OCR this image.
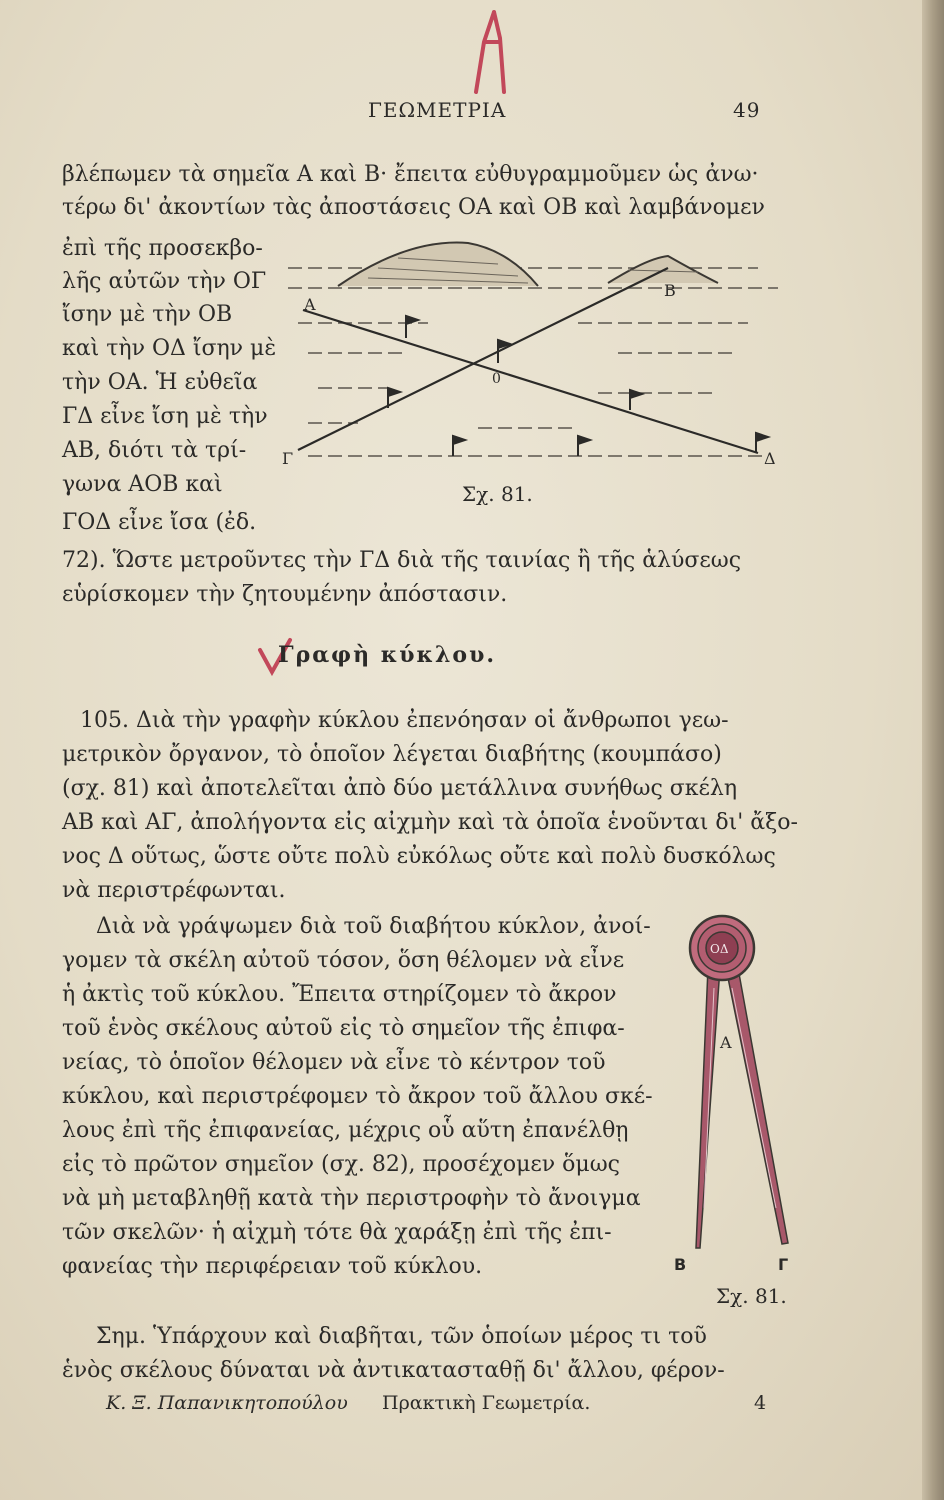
ΓΕΩΜΕΤΡΙΑ	49
βλέπωμεν τὰ σημεῖα Α καὶ Β· ἔπειτα εὐθυγραμμοῦμεν ὡς ἀνω·
τέρω δι' ἀκοντίων τὰς ἀποστάσεις ΟΑ καὶ ΟΒ καὶ λαμβάνομεν
ἐπὶ τῆς προσεκβο-
λῆς αὐτῶν τὴν ΟΓ
ἴσην μὲ τὴν ΟΒ
καὶ τὴν ΟΔ ἴσην μὲ
τὴν ΟΑ. Ἡ εὐθεῖα
ΓΔ εἶνε ἴση μὲ τὴν
ΑΒ, διότι τὰ τρί-
γωνα ΑΟΒ καὶ
ΓΟΔ εἶνε ἴσα (ἐδ.
Α
Β
0
Γ	Δ
Σχ. 81.
72). Ὥστε μετροῦντες τὴν ΓΔ διὰ τῆς ταινίας ἢ τῆς ἁλύσεως
εὑρίσκομεν τὴν ζητουμένην ἀπόστασιν.
Γραφὴ κύκλου.
105. Διὰ τὴν γραφὴν κύκλου ἐπενόησαν οἱ ἄνθρωποι γεω-
μετρικὸν ὄργανον, τὸ ὁποῖον λέγεται διαβήτης (κουμπάσο)
(σχ. 81) καὶ ἀποτελεῖται ἀπὸ δύο μετάλλινα συνήθως σκέλη
ΑΒ καὶ ΑΓ, ἀπολήγοντα εἰς αἰχμὴν καὶ τὰ ὁποῖα ἑνοῦνται δι' ἄξο-
νος Δ οὕτως, ὥστε οὔτε πολὺ εὐκόλως οὔτε καὶ πολὺ δυσκόλως
νὰ περιστρέφωνται.
Διὰ νὰ γράψωμεν διὰ τοῦ διαβήτου κύκλον, ἀνοί-
γομεν τὰ σκέλη αὐτοῦ τόσον, ὅση θέλομεν νὰ εἶνε
ἡ ἀκτὶς τοῦ κύκλου. Ἔπειτα στηρίζομεν τὸ ἄκρον
τοῦ ἑνὸς σκέλους αὐτοῦ εἰς τὸ σημεῖον τῆς ἐπιφα-
νείας, τὸ ὁποῖον θέλομεν νὰ εἶνε τὸ κέντρον τοῦ
κύκλου, καὶ περιστρέφομεν τὸ ἄκρον τοῦ ἄλλου σκέ-
λους ἐπὶ τῆς ἐπιφανείας, μέχρις οὗ αὕτη ἐπανέλθῃ
εἰς τὸ πρῶτον σημεῖον (σχ. 82), προσέχομεν ὅμως
νὰ μὴ μεταβληθῇ κατὰ τὴν περιστροφὴν τὸ ἄνοιγμα
τῶν σκελῶν· ἡ αἰχμὴ τότε θὰ χαράξῃ ἐπὶ τῆς ἐπι-
φανείας τὴν περιφέρειαν τοῦ κύκλου.
ΟΔ
Α
Β	Γ
Σχ. 81.
Σημ. Ὑπάρχουν καὶ διαβῆται, τῶν ὁποίων μέρος τι τοῦ
ἑνὸς σκέλους δύναται νὰ ἀντικατασταθῇ δι' ἄλλου, φέρον-
Κ. Ξ. Παπανικητοπούλου Πρακτικὴ Γεωμετρία.	4
